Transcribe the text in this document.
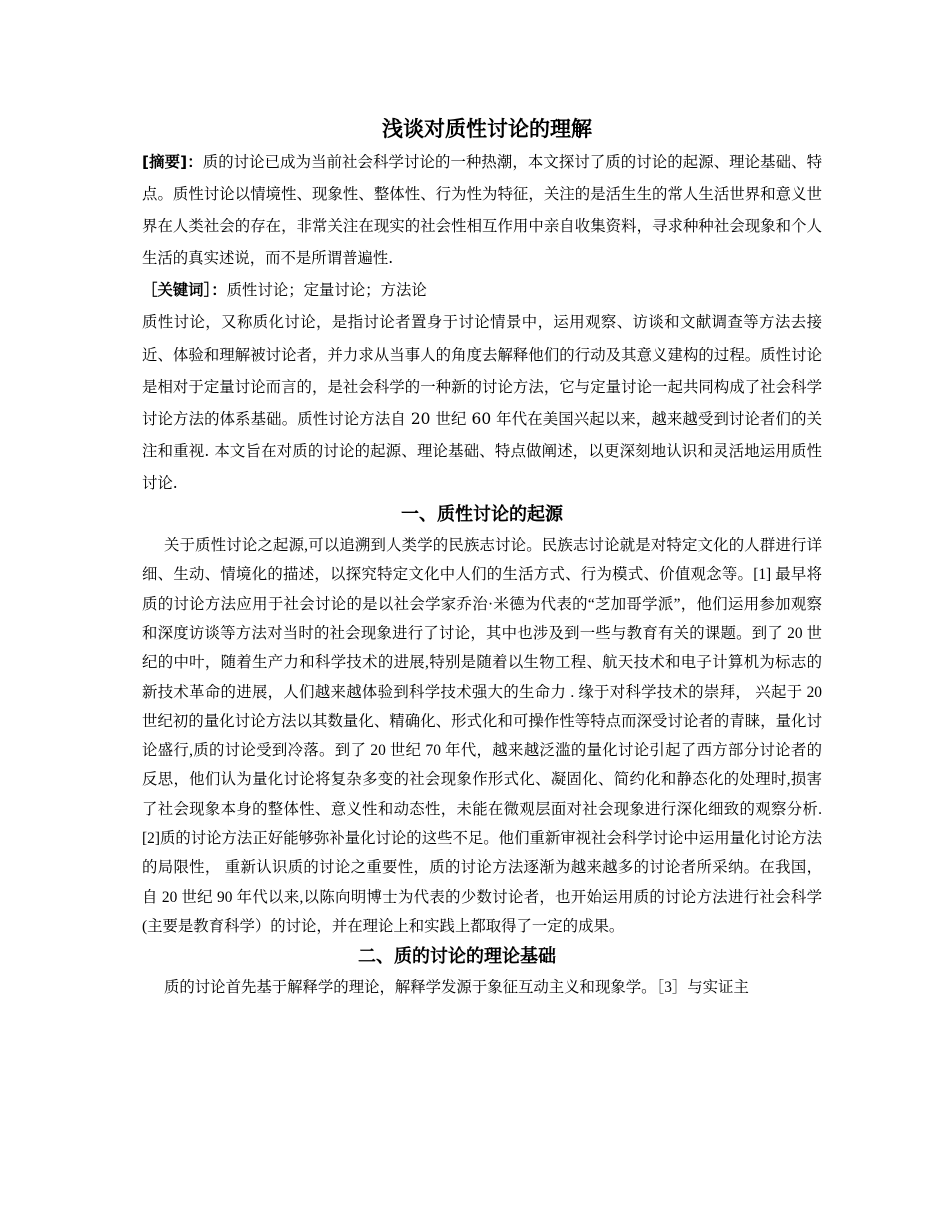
浅谈对质性讨论的理解

[摘要]：质的讨论已成为当前社会科学讨论的一种热潮，本文探讨了质的讨论的起源、理论基础、特点。质性讨论以情境性、现象性、整体性、行为性为特征，关注的是活生生的常人生活世界和意义世界在人类社会的存在，非常关注在现实的社会性相互作用中亲自收集资料，寻求种种社会现象和个人生活的真实述说，而不是所谓普遍性.

［关键词］：质性讨论；定量讨论；方法论

质性讨论，又称质化讨论，是指讨论者置身于讨论情景中，运用观察、访谈和文献调查等方法去接近、体验和理解被讨论者，并力求从当事人的角度去解释他们的行动及其意义建构的过程。质性讨论是相对于定量讨论而言的，是社会科学的一种新的讨论方法，它与定量讨论一起共同构成了社会科学讨论方法的体系基础。质性讨论方法自 20 世纪 60 年代在美国兴起以来，越来越受到讨论者们的关注和重视. 本文旨在对质的讨论的起源、理论基础、特点做阐述，以更深刻地认识和灵活地运用质性讨论.

一、质性讨论的起源

关于质性讨论之起源,可以追溯到人类学的民族志讨论。民族志讨论就是对特定文化的人群进行详细、生动、情境化的描述，以探究特定文化中人们的生活方式、行为模式、价值观念等。[1] 最早将质的讨论方法应用于社会讨论的是以社会学家乔治·米德为代表的“芝加哥学派”，他们运用参加观察和深度访谈等方法对当时的社会现象进行了讨论，其中也涉及到一些与教育有关的课题。到了 20 世纪的中叶，随着生产力和科学技术的进展,特别是随着以生物工程、航天技术和电子计算机为标志的新技术革命的进展，人们越来越体验到科学技术强大的生命力 . 缘于对科学技术的崇拜， 兴起于 20 世纪初的量化讨论方法以其数量化、精确化、形式化和可操作性等特点而深受讨论者的青睐，量化讨论盛行,质的讨论受到冷落。到了 20 世纪 70 年代，越来越泛滥的量化讨论引起了西方部分讨论者的反思，他们认为量化讨论将复杂多变的社会现象作形式化、凝固化、简约化和静态化的处理时,损害了社会现象本身的整体性、意义性和动态性，未能在微观层面对社会现象进行深化细致的观察分析. [2]质的讨论方法正好能够弥补量化讨论的这些不足。他们重新审视社会科学讨论中运用量化讨论方法的局限性， 重新认识质的讨论之重要性，质的讨论方法逐渐为越来越多的讨论者所采纳。在我国，自 20 世纪 90 年代以来,以陈向明博士为代表的少数讨论者，也开始运用质的讨论方法进行社会科学(主要是教育科学）的讨论，并在理论上和实践上都取得了一定的成果。

二、质的讨论的理论基础

质的讨论首先基于解释学的理论，解释学发源于象征互动主义和现象学。［3］与实证主
